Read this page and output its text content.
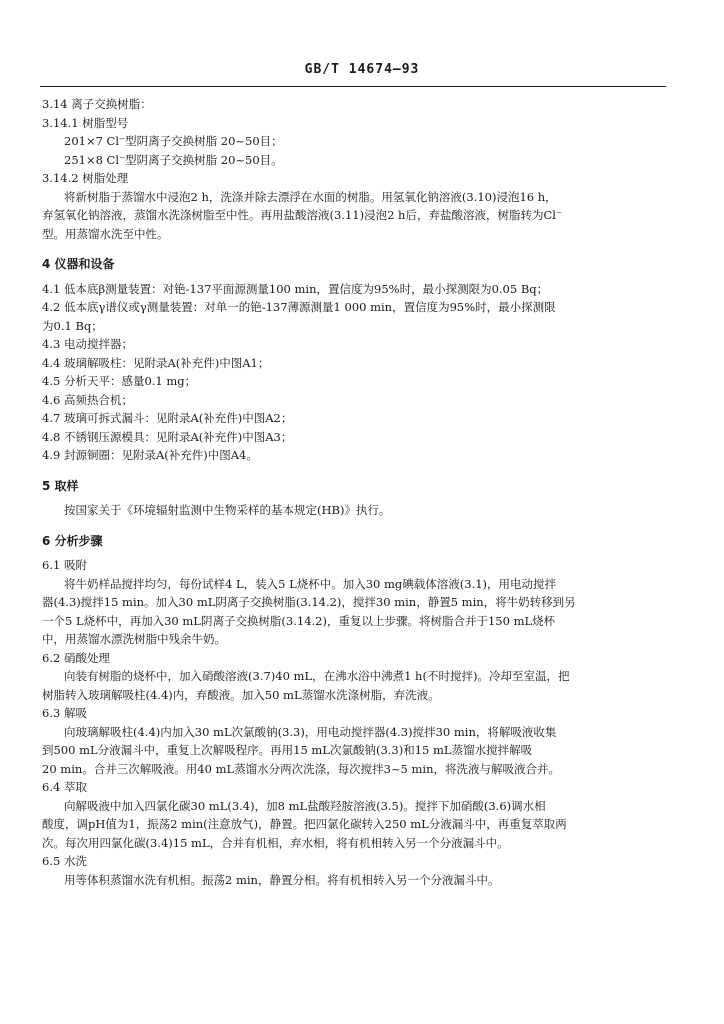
GB/T 14674—93
3.14 离子交换树脂：
3.14.1 树脂型号
201×7 Cl⁻型阴离子交换树脂 20~50目；
251×8 Cl⁻型阴离子交换树脂 20~50目。
3.14.2 树脂处理
将新树脂于蒸馏水中浸泡2 h，洗涤并除去漂浮在水面的树脂。用氢氧化钠溶液(3.10)浸泡16 h，
弃氢氧化钠溶液，蒸馏水洗涤树脂至中性。再用盐酸溶液(3.11)浸泡2 h后，弃盐酸溶液，树脂转为Cl⁻
型。用蒸馏水洗至中性。
4 仪器和设备
4.1 低本底β测量装置：对铯-137平面源测量100 min，置信度为95%时，最小探测限为0.05 Bq；
4.2 低本底γ谱仪或γ测量装置：对单一的铯-137薄源测量1 000 min，置信度为95%时，最小探测限
为0.1 Bq；
4.3 电动搅拌器；
4.4 玻璃解吸柱：见附录A(补充件)中图A1；
4.5 分析天平：感量0.1 mg；
4.6 高频热合机；
4.7 玻璃可拆式漏斗：见附录A(补充件)中图A2；
4.8 不锈钢压源模具：见附录A(补充件)中图A3；
4.9 封源铜圈：见附录A(补充件)中图A4。
5 取样
按国家关于《环境辐射监测中生物采样的基本规定(HB)》执行。
6 分析步骤
6.1 吸附
将牛奶样品搅拌均匀，每份试样4 L，装入5 L烧杯中。加入30 mg碘载体溶液(3.1)，用电动搅拌
器(4.3)搅拌15 min。加入30 mL阴离子交换树脂(3.14.2)，搅拌30 min，静置5 min，将牛奶转移到另
一个5 L烧杯中，再加入30 mL阴离子交换树脂(3.14.2)，重复以上步骤。将树脂合并于150 mL烧杯
中，用蒸馏水漂洗树脂中残余牛奶。
6.2 硝酸处理
向装有树脂的烧杯中，加入硝酸溶液(3.7)40 mL，在沸水浴中沸煮1 h(不时搅拌)。冷却至室温，把
树脂转入玻璃解吸柱(4.4)内，弃酸液。加入50 mL蒸馏水洗涤树脂，弃洗液。
6.3 解吸
向玻璃解吸柱(4.4)内加入30 mL次氯酸钠(3.3)，用电动搅拌器(4.3)搅拌30 min，将解吸液收集
到500 mL分液漏斗中，重复上次解吸程序。再用15 mL次氯酸钠(3.3)和15 mL蒸馏水搅拌解吸
20 min。合并三次解吸液。用40 mL蒸馏水分两次洗涤，每次搅拌3~5 min，将洗液与解吸液合并。
6.4 萃取
向解吸液中加入四氯化碳30 mL(3.4)，加8 mL盐酸羟胺溶液(3.5)。搅拌下加硝酸(3.6)调水相
酸度，调pH值为1，振荡2 min(注意放气)，静置。把四氯化碳转入250 mL分液漏斗中，再重复萃取两
次。每次用四氯化碳(3.4)15 mL，合并有机相，弃水相，将有机相转入另一个分液漏斗中。
6.5 水洗
用等体积蒸馏水洗有机相。振荡2 min，静置分相。将有机相转入另一个分液漏斗中。
